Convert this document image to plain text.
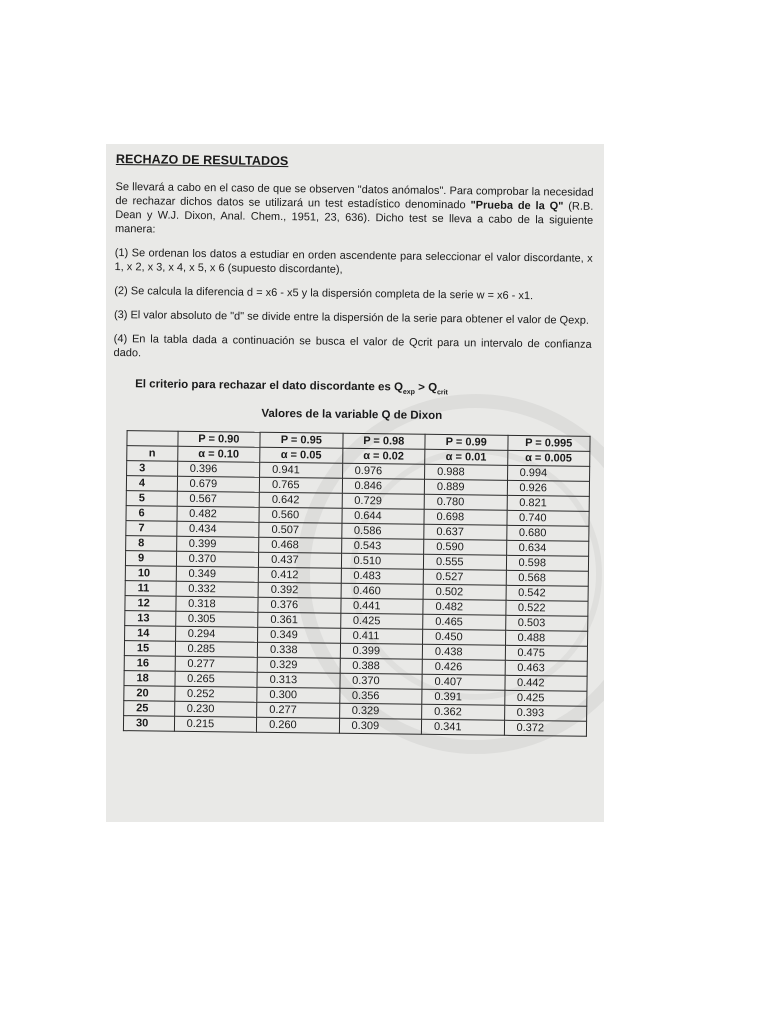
RECHAZO DE RESULTADOS

Se llevará a cabo en el caso de que se observen "datos anómalos". Para comprobar la necesidad de rechazar dichos datos se utilizará un test estadístico denominado "Prueba de la Q" (R.B. Dean y W.J. Dixon, Anal. Chem., 1951, 23, 636). Dicho test se lleva a cabo de la siguiente manera:

(1) Se ordenan los datos a estudiar en orden ascendente para seleccionar el valor discordante, x 1, x 2, x 3, x 4, x 5, x 6 (supuesto discordante),

(2) Se calcula la diferencia d = x6 - x5 y la dispersión completa de la serie w = x6 - x1.

(3) El valor absoluto de "d" se divide entre la dispersión de la serie para obtener el valor de Qexp.

(4) En la tabla dada a continuación se busca el valor de Qcrit para un intervalo de confianza dado.

El criterio para rechazar el dato discordante es $Q_{exp} > Q_{crit}$
Valores de la variable Q de Dixon
	P = 0.90	P = 0.95	P = 0.98	P = 0.99	P = 0.995
n	α = 0.10	α = 0.05	α = 0.02	α = 0.01	α = 0.005
3	0.396	0.941	0.976	0.988	0.994
4	0.679	0.765	0.846	0.889	0.926
5	0.567	0.642	0.729	0.780	0.821
6	0.482	0.560	0.644	0.698	0.740
7	0.434	0.507	0.586	0.637	0.680
8	0.399	0.468	0.543	0.590	0.634
9	0.370	0.437	0.510	0.555	0.598
10	0.349	0.412	0.483	0.527	0.568
11	0.332	0.392	0.460	0.502	0.542
12	0.318	0.376	0.441	0.482	0.522
13	0.305	0.361	0.425	0.465	0.503
14	0.294	0.349	0.411	0.450	0.488
15	0.285	0.338	0.399	0.438	0.475
16	0.277	0.329	0.388	0.426	0.463
18	0.265	0.313	0.370	0.407	0.442
20	0.252	0.300	0.356	0.391	0.425
25	0.230	0.277	0.329	0.362	0.393
30	0.215	0.260	0.309	0.341	0.372
